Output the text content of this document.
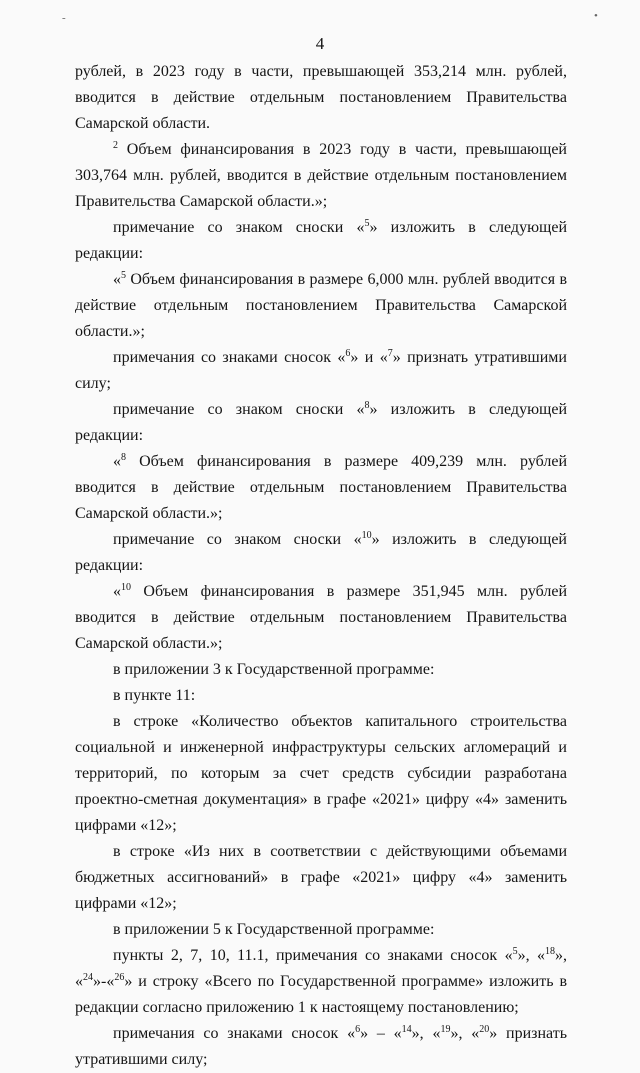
-	•
4

рублей, в 2023 году в части, превышающей 353,214 млн. рублей, вводится в действие отдельным постановлением Правительства Самарской области.

$^2$ Объем финансирования в 2023 году в части, превышающей 303,764 млн. рублей, вводится в действие отдельным постановлением Правительства Самарской области.»;

примечание со знаком сноски «$^5$» изложить в следующей редакции:

«$^5$ Объем финансирования в размере 6,000 млн. рублей вводится в действие отдельным постановлением Правительства Самарской области.»;

примечания со знаками сносок «$^6$» и «$^7$» признать утратившими силу;

примечание со знаком сноски «$^8$» изложить в следующей редакции:

«$^8$ Объем финансирования в размере 409,239 млн. рублей вводится в действие отдельным постановлением Правительства Самарской области.»;

примечание со знаком сноски «$^{10}$» изложить в следующей редакции:

«$^{10}$ Объем финансирования в размере 351,945 млн. рублей вводится в действие отдельным постановлением Правительства Самарской области.»;

в приложении 3 к Государственной программе:

в пункте 11:

в строке «Количество объектов капитального строительства социальной и инженерной инфраструктуры сельских агломераций и территорий, по которым за счет средств субсидии разработана проектно-сметная документация» в графе «2021» цифру «4» заменить цифрами «12»;

в строке «Из них в соответствии с действующими объемами бюджетных ассигнований» в графе «2021» цифру «4» заменить цифрами «12»;

в приложении 5 к Государственной программе:

пункты 2, 7, 10, 11.1, примечания со знаками сносок «$^5$», «$^{18}$», «$^{24}$»-«$^{26}$» и строку «Всего по Государственной программе» изложить в редакции согласно приложению 1 к настоящему постановлению;

примечания со знаками сносок «$^6$» – «$^{14}$», «$^{19}$», «$^{20}$» признать утратившими силу;
